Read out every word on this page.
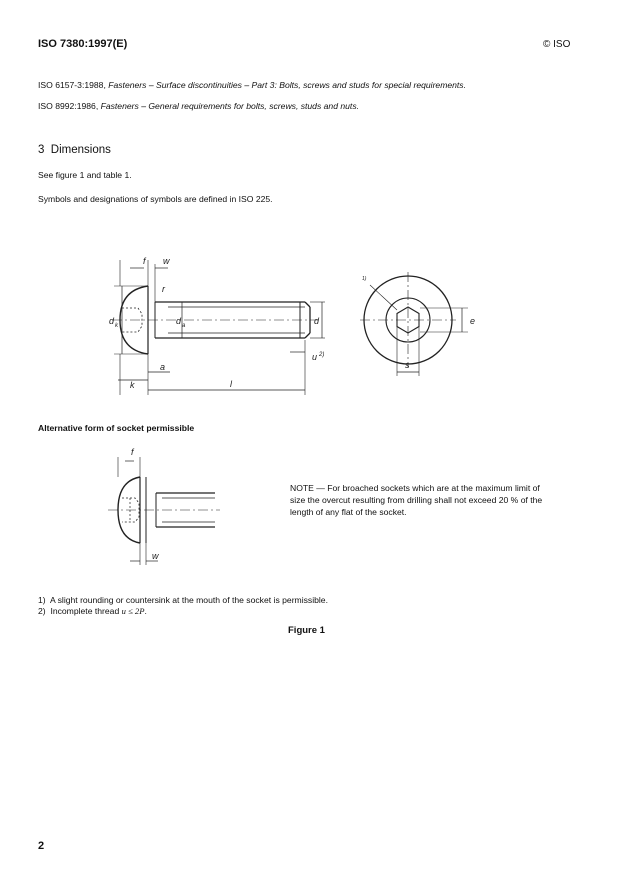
ISO 7380:1997(E)	© ISO
ISO 6157-3:1988, Fasteners – Surface discontinuities – Part 3: Bolts, screws and studs for special requirements.
ISO 8992:1986, Fasteners – General requirements for bolts, screws, studs and nuts.
3 Dimensions
See figure 1 and table 1.
Symbols and designations of symbols are defined in ISO 225.
f w
r
d k	d a	d
u 2)
a
k	l
1)
e
s
Alternative form of socket permissible
f
w
NOTE — For broached sockets which are at the maximum limit of size the overcut resulting from drilling shall not exceed 20 % of the length of any flat of the socket.
1) A slight rounding or countersink at the mouth of the socket is permissible.
2) Incomplete thread u ≤ 2P.
Figure 1
2
